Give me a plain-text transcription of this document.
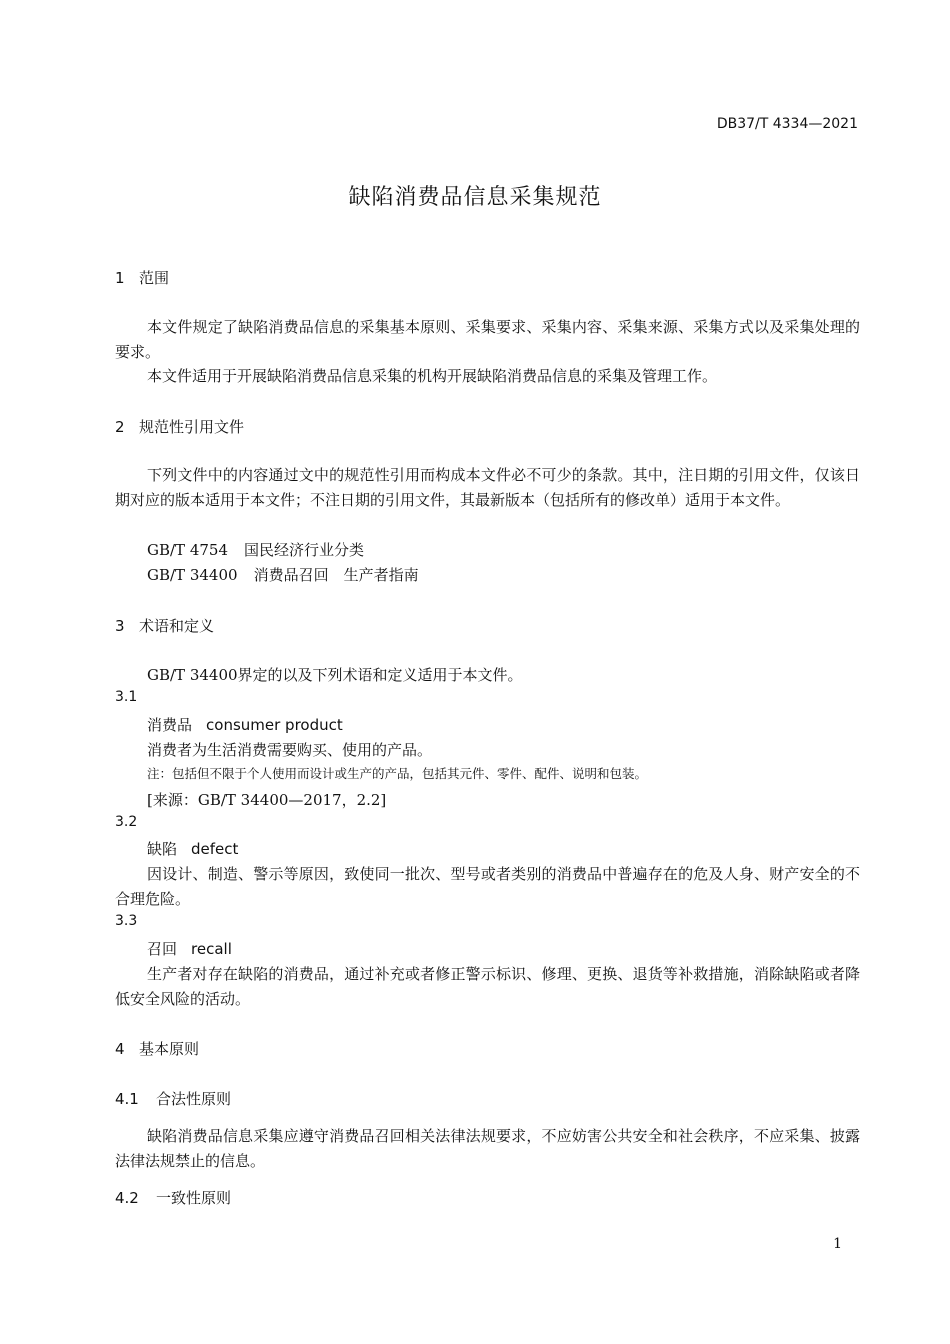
DB37/T 4334—2021
缺陷消费品信息采集规范
1 范围
本文件规定了缺陷消费品信息的采集基本原则、采集要求、采集内容、采集来源、采集方式以及采集处理的要求。
本文件适用于开展缺陷消费品信息采集的机构开展缺陷消费品信息的采集及管理工作。
2 规范性引用文件
下列文件中的内容通过文中的规范性引用而构成本文件必不可少的条款。其中，注日期的引用文件，仅该日期对应的版本适用于本文件；不注日期的引用文件，其最新版本（包括所有的修改单）适用于本文件。
GB/T 4754 国民经济行业分类
GB/T 34400 消费品召回　生产者指南
3 术语和定义
GB/T 34400界定的以及下列术语和定义适用于本文件。
3.1
消费品 consumer product
消费者为生活消费需要购买、使用的产品。
注：包括但不限于个人使用而设计或生产的产品，包括其元件、零件、配件、说明和包装。
[来源：GB/T 34400—2017，2.2]
3.2
缺陷 defect
因设计、制造、警示等原因，致使同一批次、型号或者类别的消费品中普遍存在的危及人身、财产安全的不合理危险。
3.3
召回 recall
生产者对存在缺陷的消费品，通过补充或者修正警示标识、修理、更换、退货等补救措施，消除缺陷或者降低安全风险的活动。
4 基本原则
4.1 合法性原则
缺陷消费品信息采集应遵守消费品召回相关法律法规要求，不应妨害公共安全和社会秩序，不应采集、披露法律法规禁止的信息。
4.2 一致性原则
1
